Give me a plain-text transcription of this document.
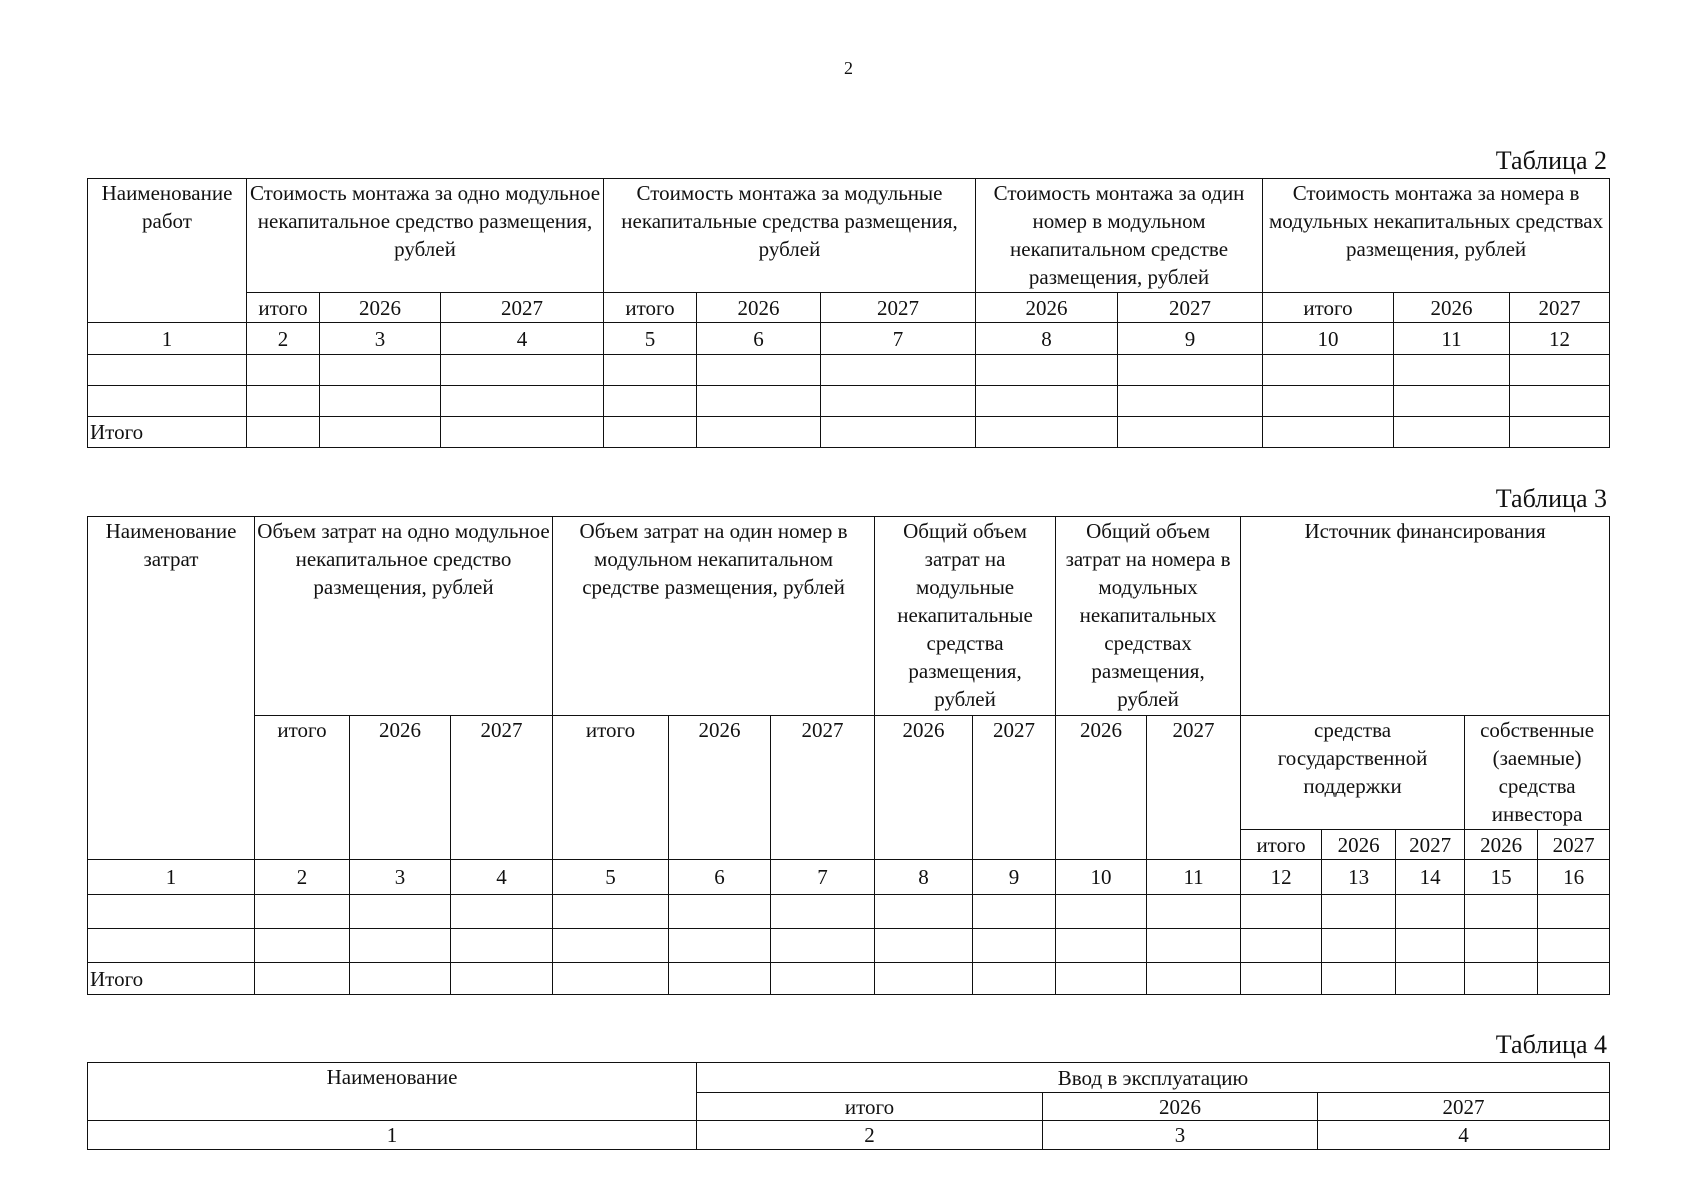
2
Таблица 2
Наименование работ	Стоимость монтажа за одно модульное некапитальное средство размещения, рублей			Стоимость монтажа за модульные некапитальные средства размещения, рублей			Стоимость монтажа за один номер в модульном некапитальном средстве размещения, рублей		Стоимость монтажа за номера в модульных некапитальных средствах размещения, рублей		
	итого	2026	2027	итого	2026	2027	2026	2027	итого	2026	2027
1	2	3	4	5	6	7	8	9	10	11	12

Итого											
Таблица 3
Наименование затрат	Объем затрат на одно модульное некапитальное средство размещения, рублей			Объем затрат на один номер в модульном некапитальном средстве размещения, рублей			Общий объем затрат на модульные некапитальные средства размещения, рублей		Общий объем затрат на номера в модульных некапитальных средствах размещения, рублей		Источник финансирования				
	итого	2026	2027	итого	2026	2027	2026	2027	2026	2027	средства государственной поддержки			собственные (заемные) средства инвестора	
											итого	2026	2027	2026	2027
1	2	3	4	5	6	7	8	9	10	11	12	13	14	15	16

Итого															
Таблица 4
Наименование	Ввод в эксплуатацию		
	итого	2026	2027
1	2	3	4
